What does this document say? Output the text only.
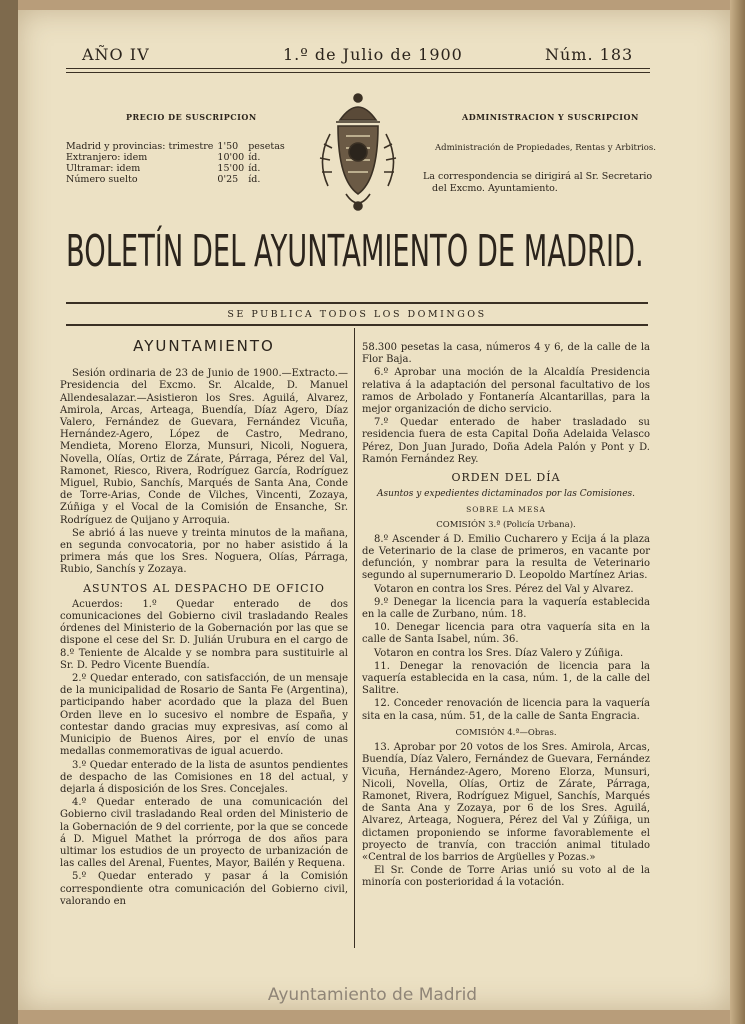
AÑO IV	1.º de Julio de 1900	Núm. 183
PRECIO DE SUSCRIPCION
Madrid y provincias: trimestre	1'50	pesetas
Extranjero: idem	10'00	íd.
Ultramar: idem	15'00	íd.
Número suelto	0'25	íd.
ADMINISTRACION Y SUSCRIPCION
Administración de Propiedades, Rentas y Arbitrios.
La correspondencia se dirigirá al Sr. Secretario
del Excmo. Ayuntamiento.
BOLETÍN DEL AYUNTAMIENTO DE MADRID.
SE PUBLICA TODOS LOS DOMINGOS
AYUNTAMIENTO

Sesión ordinaria de 23 de Junio de 1900.—Extracto.—Presidencia del Excmo. Sr. Alcalde, D. Manuel Allendesalazar.—Asistieron los Sres. Aguilá, Alvarez, Amirola, Arcas, Arteaga, Buendía, Díaz Agero, Díaz Valero, Fernández de Guevara, Fernández Vicuña, Hernández-Agero, López de Castro, Medrano, Mendieta, Moreno Elorza, Munsuri, Nicoli, Noguera, Novella, Olías, Ortiz de Zárate, Párraga, Pérez del Val, Ramonet, Riesco, Rivera, Rodríguez García, Rodríguez Miguel, Rubio, Sanchís, Marqués de Santa Ana, Conde de Torre-Arias, Conde de Vilches, Vincenti, Zozaya, Zúñiga y el Vocal de la Comisión de Ensanche, Sr. Rodríguez de Quijano y Arroquia.

Se abrió á las nueve y treinta minutos de la mañana, en segunda convocatoria, por no haber asistido á la primera más que los Sres. Noguera, Olías, Párraga, Rubio, Sanchís y Zozaya.

ASUNTOS AL DESPACHO DE OFICIO

Acuerdos: 1.º Quedar enterado de dos comunicaciones del Gobierno civil trasladando Reales órdenes del Ministerio de la Gobernación por las que se dispone el cese del Sr. D. Julián Urubura en el cargo de 8.º Teniente de Alcalde y se nombra para sustituirle al Sr. D. Pedro Vicente Buendía.

2.º Quedar enterado, con satisfacción, de un mensaje de la municipalidad de Rosario de Santa Fe (Argentina), participando haber acordado que la plaza del Buen Orden lleve en lo sucesivo el nombre de España, y contestar dando gracias muy expresivas, así como al Municipio de Buenos Aires, por el envío de unas medallas conmemorativas de igual acuerdo.

3.º Quedar enterado de la lista de asuntos pendientes de despacho de las Comisiones en 18 del actual, y dejarla á disposición de los Sres. Concejales.

4.º Quedar enterado de una comunicación del Gobierno civil trasladando Real orden del Ministerio de la Gobernación de 9 del corriente, por la que se concede á D. Miguel Mathet la prórroga de dos años para ultimar los estudios de un proyecto de urbanización de las calles del Arenal, Fuentes, Mayor, Bailén y Requena.

5.º Quedar enterado y pasar á la Comisión correspondiente otra comunicación del Gobierno civil, valorando en

58.300 pesetas la casa, números 4 y 6, de la calle de la Flor Baja.

6.º Aprobar una moción de la Alcaldía Presidencia relativa á la adaptación del personal facultativo de los ramos de Arbolado y Fontanería Alcantarillas, para la mejor organización de dicho servicio.

7.º Quedar enterado de haber trasladado su residencia fuera de esta Capital Doña Adelaida Velasco Pérez, Don Juan Jurado, Doña Adela Palón y Pont y D. Ramón Fernández Rey.

ORDEN DEL DÍA
Asuntos y expedientes dictaminados por las Comisiones.
SOBRE LA MESA
COMISIÓN 3.ª (Policía Urbana).

8.º Ascender á D. Emilio Cucharero y Ecija á la plaza de Veterinario de la clase de primeros, en vacante por defunción, y nombrar para la resulta de Veterinario segundo al supernumerario D. Leopoldo Martínez Arias.

Votaron en contra los Sres. Pérez del Val y Alvarez.

9.º Denegar la licencia para la vaquería establecida en la calle de Zurbano, núm. 18.

10. Denegar licencia para otra vaquería sita en la calle de Santa Isabel, núm. 36.

Votaron en contra los Sres. Díaz Valero y Zúñiga.

11. Denegar la renovación de licencia para la vaquería establecida en la casa, núm. 1, de la calle del Salitre.

12. Conceder renovación de licencia para la vaquería sita en la casa, núm. 51, de la calle de Santa Engracia.

COMISIÓN 4.ª—Obras.

13. Aprobar por 20 votos de los Sres. Amirola, Arcas, Buendía, Díaz Valero, Fernández de Guevara, Fernández Vicuña, Hernández-Agero, Moreno Elorza, Munsuri, Nicoli, Novella, Olías, Ortiz de Zárate, Párraga, Ramonet, Rivera, Rodríguez Miguel, Sanchís, Marqués de Santa Ana y Zozaya, por 6 de los Sres. Aguilá, Alvarez, Arteaga, Noguera, Pérez del Val y Zúñiga, un dictamen proponiendo se informe favorablemente el proyecto de tranvía, con tracción animal titulado «Central de los barrios de Argüelles y Pozas.»

El Sr. Conde de Torre Arias unió su voto al de la minoría con posterioridad á la votación.

Ayuntamiento de Madrid
